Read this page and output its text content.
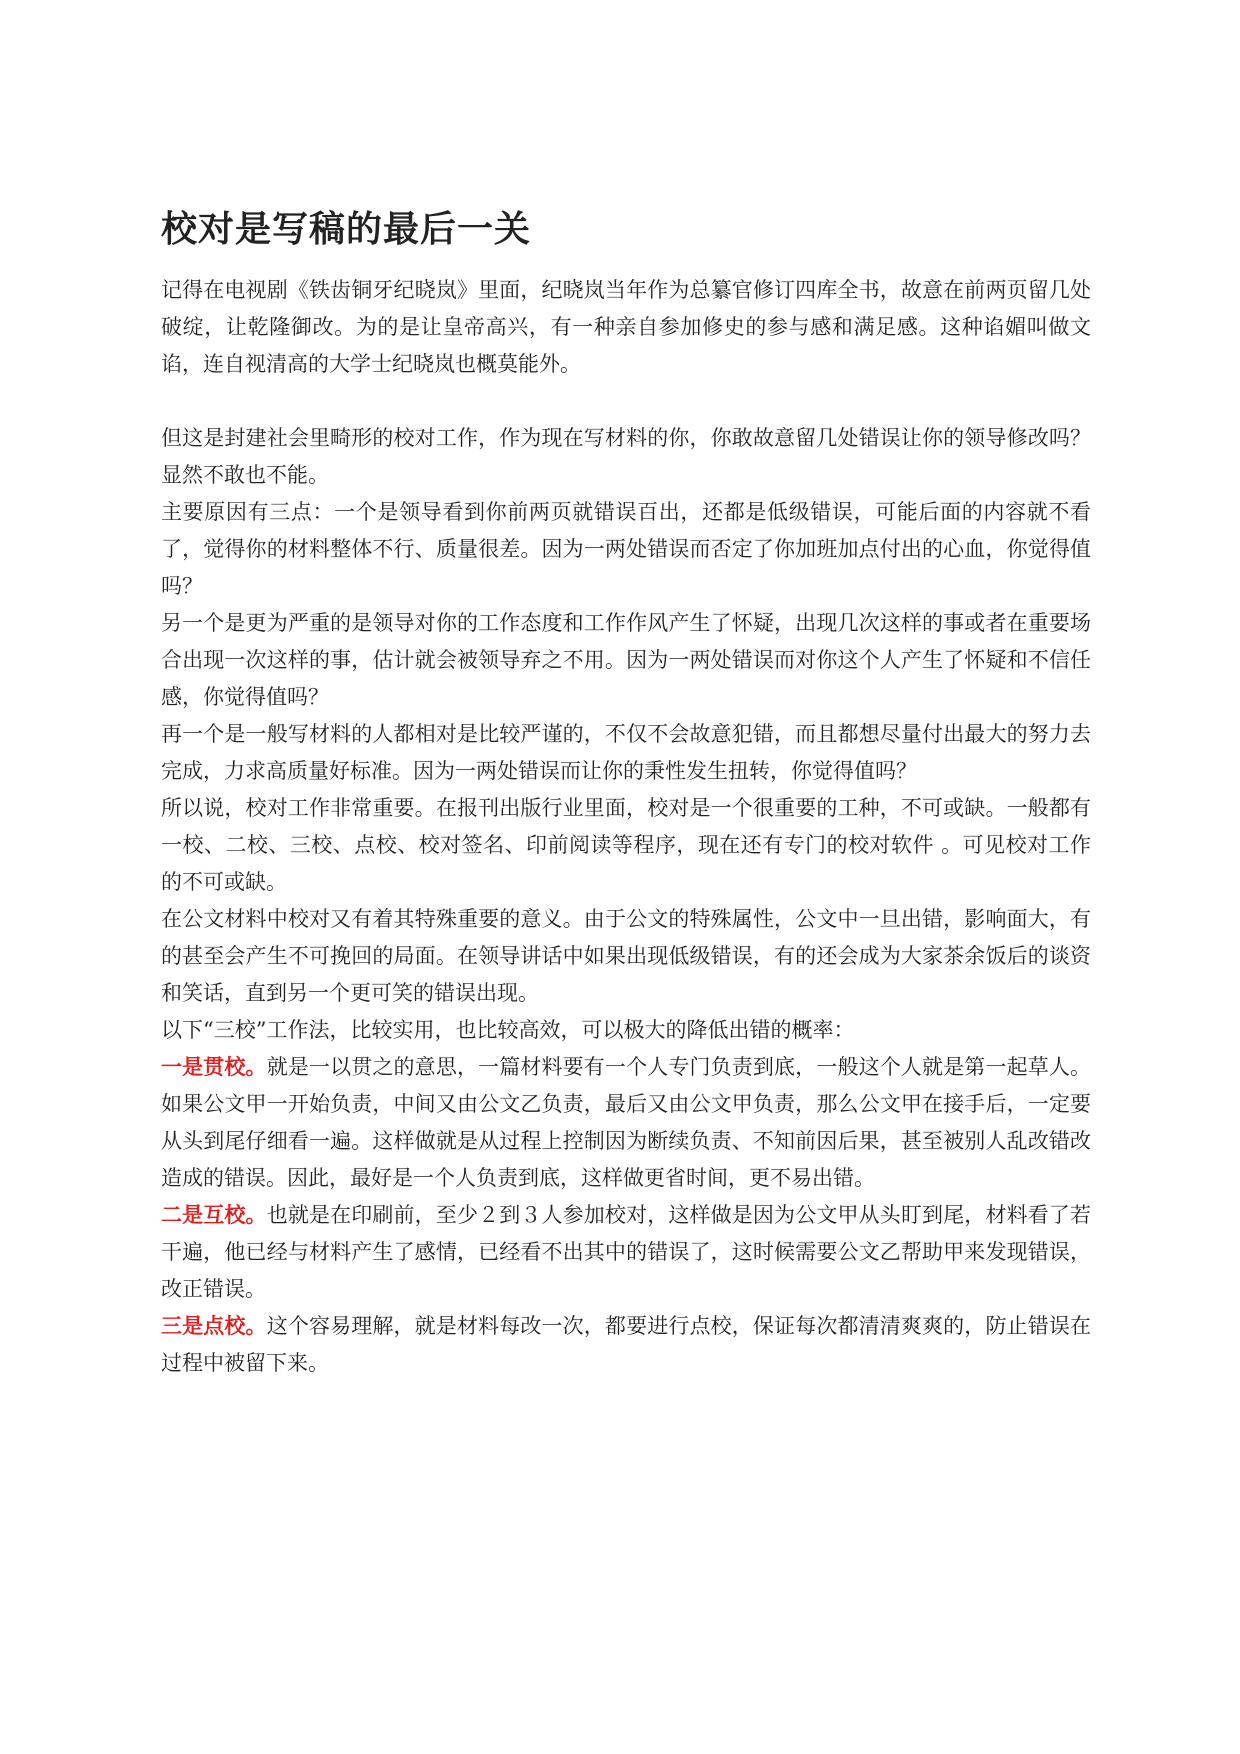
校对是写稿的最后一关

记得在电视剧《铁齿铜牙纪晓岚》里面，纪晓岚当年作为总纂官修订四库全书，故意在前两页留几处破绽，让乾隆御改。为的是让皇帝高兴，有一种亲自参加修史的参与感和满足感。这种谄媚叫做文谄，连自视清高的大学士纪晓岚也概莫能外。

但这是封建社会里畸形的校对工作，作为现在写材料的你，你敢故意留几处错误让你的领导修改吗？显然不敢也不能。

主要原因有三点：一个是领导看到你前两页就错误百出，还都是低级错误，可能后面的内容就不看了，觉得你的材料整体不行、质量很差。因为一两处错误而否定了你加班加点付出的心血，你觉得值吗？

另一个是更为严重的是领导对你的工作态度和工作作风产生了怀疑，出现几次这样的事或者在重要场合出现一次这样的事，估计就会被领导弃之不用。因为一两处错误而对你这个人产生了怀疑和不信任感，你觉得值吗？

再一个是一般写材料的人都相对是比较严谨的，不仅不会故意犯错，而且都想尽量付出最大的努力去完成，力求高质量好标准。因为一两处错误而让你的秉性发生扭转，你觉得值吗？

所以说，校对工作非常重要。在报刊出版行业里面，校对是一个很重要的工种，不可或缺。一般都有一校、二校、三校、点校、校对签名、印前阅读等程序，现在还有专门的校对软件 。可见校对工作的不可或缺。

在公文材料中校对又有着其特殊重要的意义。由于公文的特殊属性，公文中一旦出错，影响面大，有的甚至会产生不可挽回的局面。在领导讲话中如果出现低级错误，有的还会成为大家茶余饭后的谈资和笑话，直到另一个更可笑的错误出现。

以下“三校”工作法，比较实用，也比较高效，可以极大的降低出错的概率：

一是贯校。就是一以贯之的意思，一篇材料要有一个人专门负责到底，一般这个人就是第一起草人。如果公文甲一开始负责，中间又由公文乙负责，最后又由公文甲负责，那么公文甲在接手后，一定要从头到尾仔细看一遍。这样做就是从过程上控制因为断续负责、不知前因后果，甚至被别人乱改错改造成的错误。因此，最好是一个人负责到底，这样做更省时间，更不易出错。

二是互校。也就是在印刷前，至少２到３人参加校对，这样做是因为公文甲从头盯到尾，材料看了若干遍，他已经与材料产生了感情，已经看不出其中的错误了，这时候需要公文乙帮助甲来发现错误，改正错误。

三是点校。这个容易理解，就是材料每改一次，都要进行点校，保证每次都清清爽爽的，防止错误在过程中被留下来。
